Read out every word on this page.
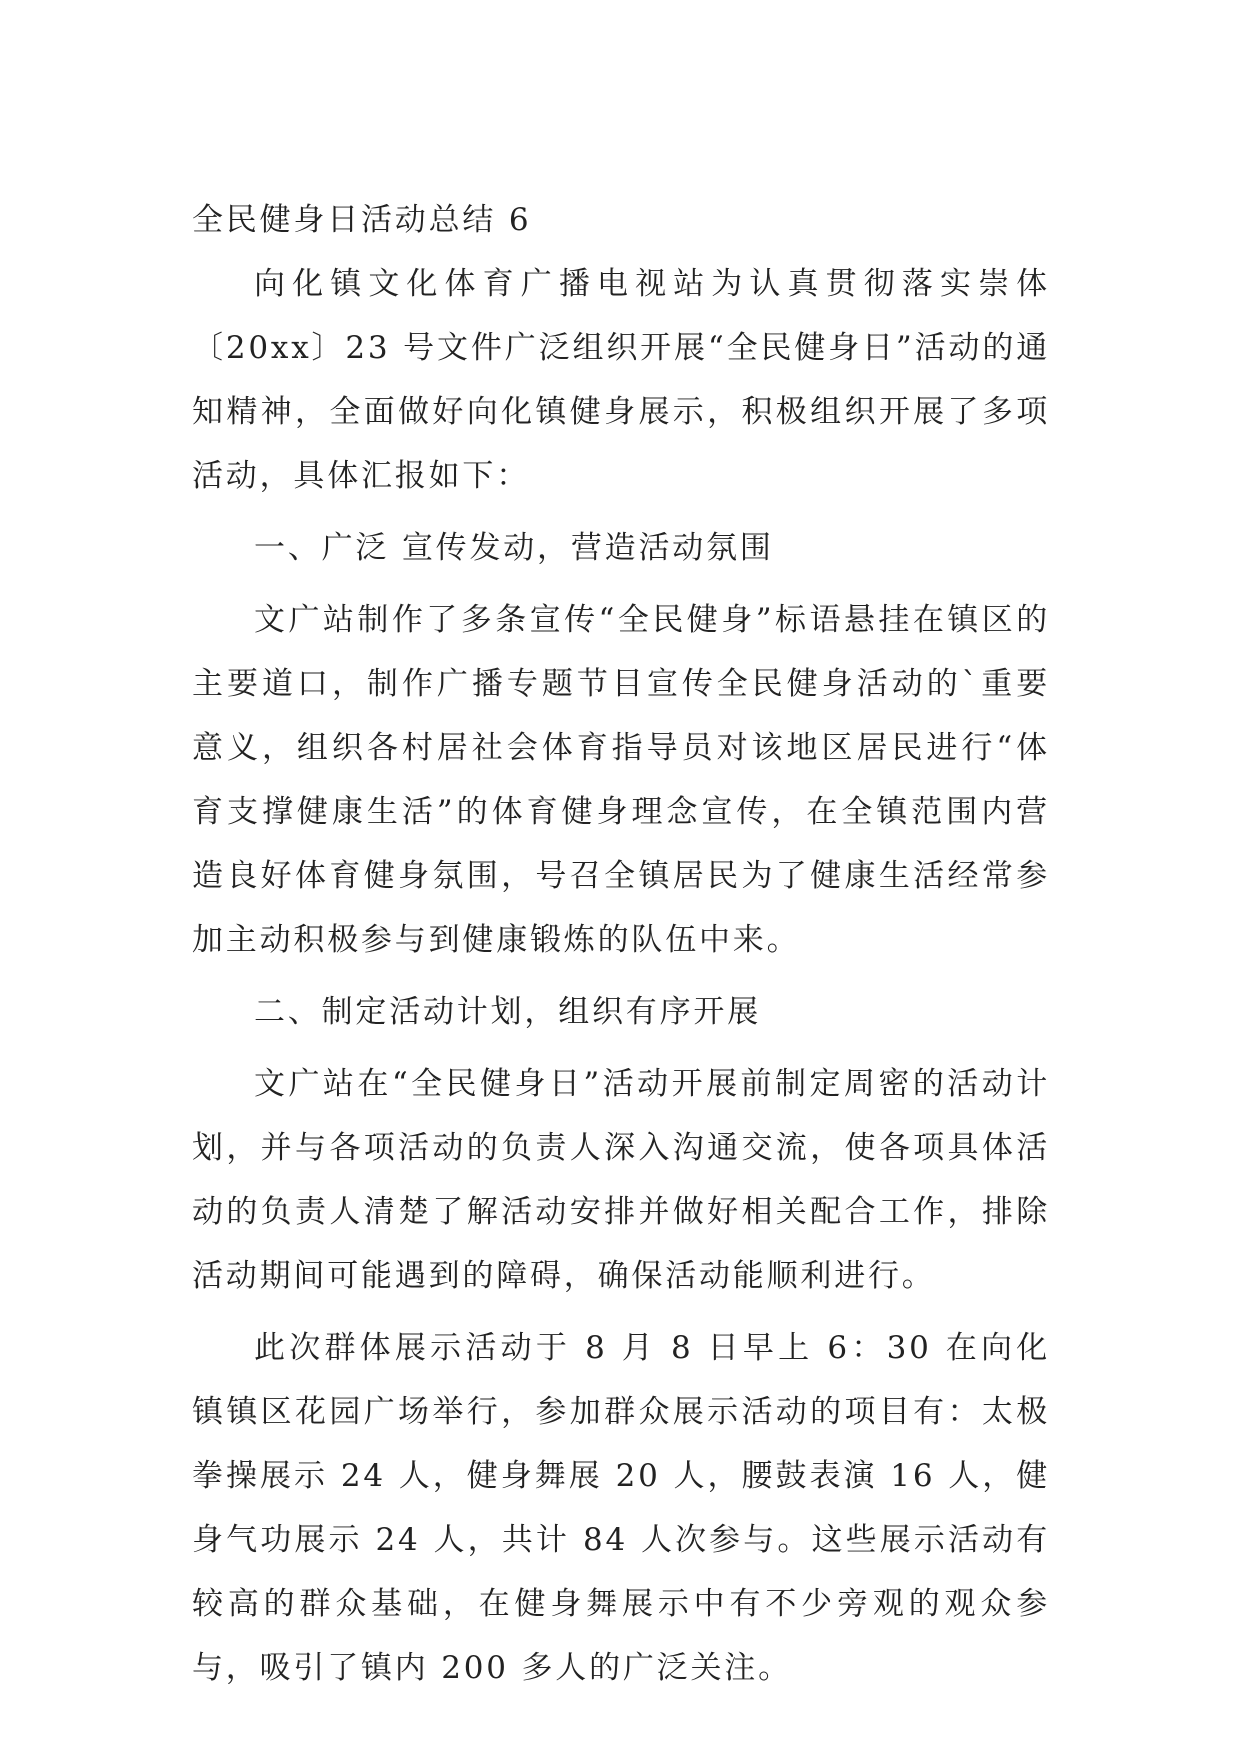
全民健身日活动总结 6

向化镇文化体育广播电视站为认真贯彻落实崇体〔20xx〕23 号文件广泛组织开展“全民健身日”活动的通知精神，全面做好向化镇健身展示，积极组织开展了多项活动，具体汇报如下：

一、广泛 宣传发动，营造活动氛围

文广站制作了多条宣传“全民健身”标语悬挂在镇区的主要道口，制作广播专题节目宣传全民健身活动的`重要意义，组织各村居社会体育指导员对该地区居民进行“体育支撑健康生活”的体育健身理念宣传，在全镇范围内营造良好体育健身氛围，号召全镇居民为了健康生活经常参加主动积极参与到健康锻炼的队伍中来。

二、制定活动计划，组织有序开展

文广站在“全民健身日”活动开展前制定周密的活动计划，并与各项活动的负责人深入沟通交流，使各项具体活动的负责人清楚了解活动安排并做好相关配合工作，排除活动期间可能遇到的障碍，确保活动能顺利进行。

此次群体展示活动于 8 月 8 日早上 6：30 在向化镇镇区花园广场举行，参加群众展示活动的项目有：太极拳操展示 24 人，健身舞展 20 人，腰鼓表演 16 人，健身气功展示 24 人，共计 84 人次参与。这些展示活动有较高的群众基础，在健身舞展示中有不少旁观的观众参与，吸引了镇内 200 多人的广泛关注。
